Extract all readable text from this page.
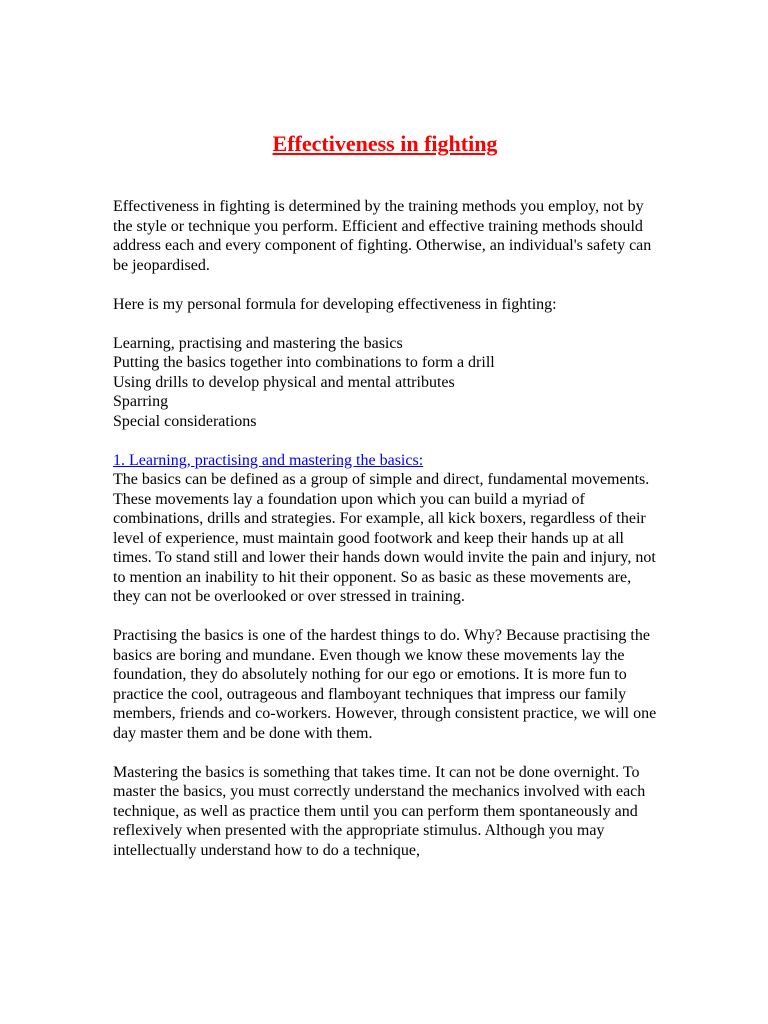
Effectiveness in fighting

Effectiveness in fighting is determined by the training methods you employ, not by the style or technique you perform. Efficient and effective training methods should address each and every component of fighting. Otherwise, an individual's safety can be jeopardised.

Here is my personal formula for developing effectiveness in fighting:

Learning, practising and mastering the basics
Putting the basics together into combinations to form a drill
Using drills to develop physical and mental attributes
Sparring
Special considerations
1. Learning, practising and mastering the basics:
The basics can be defined as a group of simple and direct, fundamental movements. These movements lay a foundation upon which you can build a myriad of combinations, drills and strategies. For example, all kick boxers, regardless of their level of experience, must maintain good footwork and keep their hands up at all times. To stand still and lower their hands down would invite the pain and injury, not to mention an inability to hit their opponent. So as basic as these movements are, they can not be overlooked or over stressed in training.

Practising the basics is one of the hardest things to do. Why? Because practising the basics are boring and mundane. Even though we know these movements lay the foundation, they do absolutely nothing for our ego or emotions. It is more fun to practice the cool, outrageous and flamboyant techniques that impress our family members, friends and co-workers. However, through consistent practice, we will one day master them and be done with them.

Mastering the basics is something that takes time. It can not be done overnight. To master the basics, you must correctly understand the mechanics involved with each technique, as well as practice them until you can perform them spontaneously and reflexively when presented with the appropriate stimulus. Although you may intellectually understand how to do a technique,
